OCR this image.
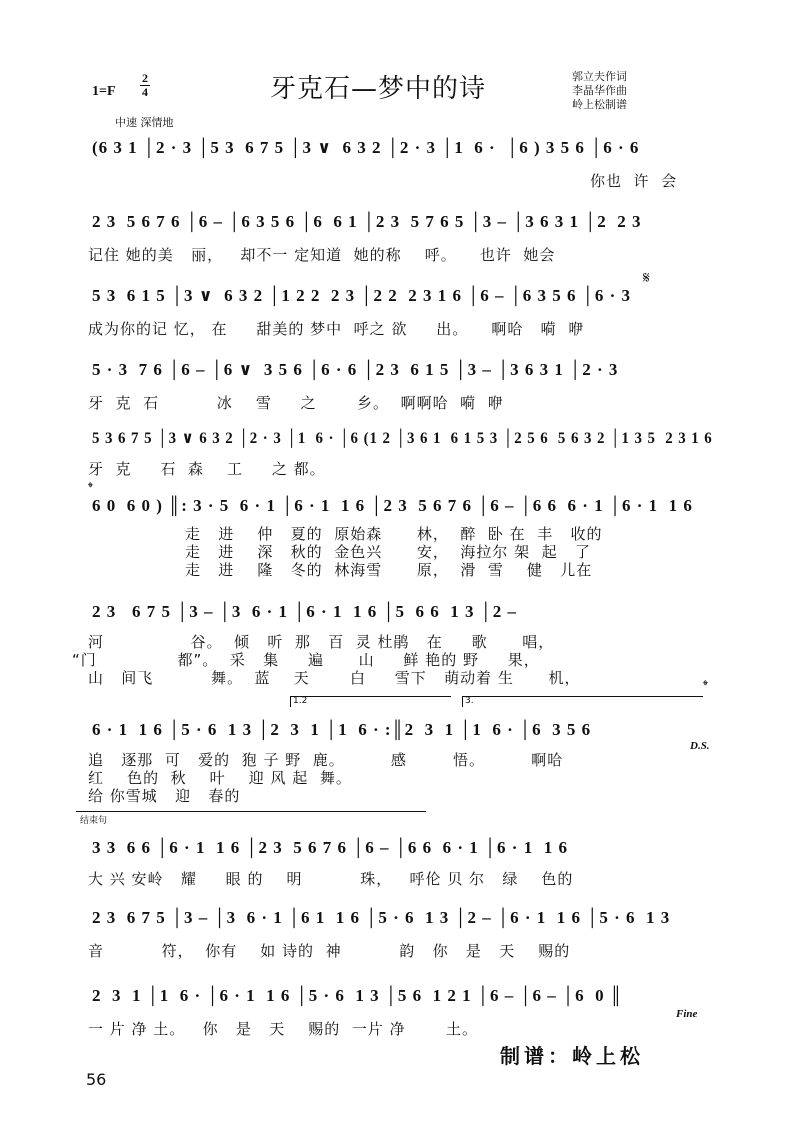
牙克石—梦中的诗
1=F
2
4
中速 深情地
郭立夫作词
李晶华作曲
岭上松制谱
(6 3 1 │2 · 3 │5 3  6 7 5 │3 ∨  6 3 2 │2 · 3 │1  6 ·  │6 ) 3 5 6 │6 · 6
你也  许  会
2 3  5 6 7 6 │6 – │6 3 5 6 │6  6 1 │2 3  5 7 6 5 │3 – │3 6 3 1 │2  2 3
记住 她的美   丽，   却不一 定知道  她的称    呼。    也许  她会
5 3  6 1 5 │3 ∨  6 3 2 │1 2 2  2 3 │2 2  2 3 1 6 │6 – │6 3 5 6 │6 · 3
成为你的记 忆， 在     甜美的 梦中  呼之 欲     出。    啊哈   嗬  咿
𝄋
5 · 3  7 6 │6 – │6 ∨  3 5 6 │6 · 6 │2 3  6 1 5 │3 – │3 6 3 1 │2 · 3
牙  克  石          冰    雪     之       乡。  啊啊哈  嗬  咿
5 3 6 7 5 │3 ∨ 6 3 2 │2 · 3 │1  6 · │6 (1 2 │3 6 1  6 1 5 3 │2 5 6  5 6 3 2 │1 3 5  2 3 1 6
牙  克     石  森    工     之 都。
𝄌
6 0  6 0 ) ║: 3 · 5  6 · 1 │6 · 1  1 6 │2 3  5 6 7 6 │6 – │6 6  6 · 1 │6 · 1  1 6
走   进    仲   夏的  原始森      林，  醉  卧 在  丰   收的
走   进    深   秋的  金色兴      安，  海拉尔 架  起   了
走   进    隆   冬的  林海雪      原，  滑  雪    健   儿在
2 3   6 7 5 │3 – │3  6 · 1 │6 · 1  1 6 │5  6 6  1 3 │2 –
河               谷。  倾   听  那   百  灵 杜鹃   在     歌      唱，
“门              都”。  采   集     遍      山     鲜 艳的 野     果，
山   间飞          舞。  蓝    天       白     雪下   萌动着 生      机，
1.2	3.
𝄌
6 · 1  1 6 │5 · 6  1 3 │2  3  1 │1  6 · :║2  3  1 │1  6 · │6  3 5 6
D.S.
追   逐那  可   爱的  狍 子 野  鹿。        感        悟。        啊哈
红    色的  秋    叶    迎 风 起  舞。
给 你雪城   迎   春的
结束句
3 3  6 6 │6 · 1  1 6 │2 3  5 6 7 6 │6 – │6 6  6 · 1 │6 · 1  1 6
大 兴 安岭   耀     眼 的    明          珠，   呼伦 贝 尔   绿    色的
2 3  6 7 5 │3 – │3  6 · 1 │6 1  1 6 │5 · 6  1 3 │2 – │6 · 1  1 6 │5 · 6  1 3
音          符，  你有    如 诗的  神          韵   你   是   天    赐的
2  3  1 │1  6 · │6 · 1  1 6 │5 · 6  1 3 │5 6  1 2 1 │6 – │6 – │6  0 ║
Fine
一 片 净 土。   你   是   天    赐的  一片 净       土。
制谱：岭上松
56
